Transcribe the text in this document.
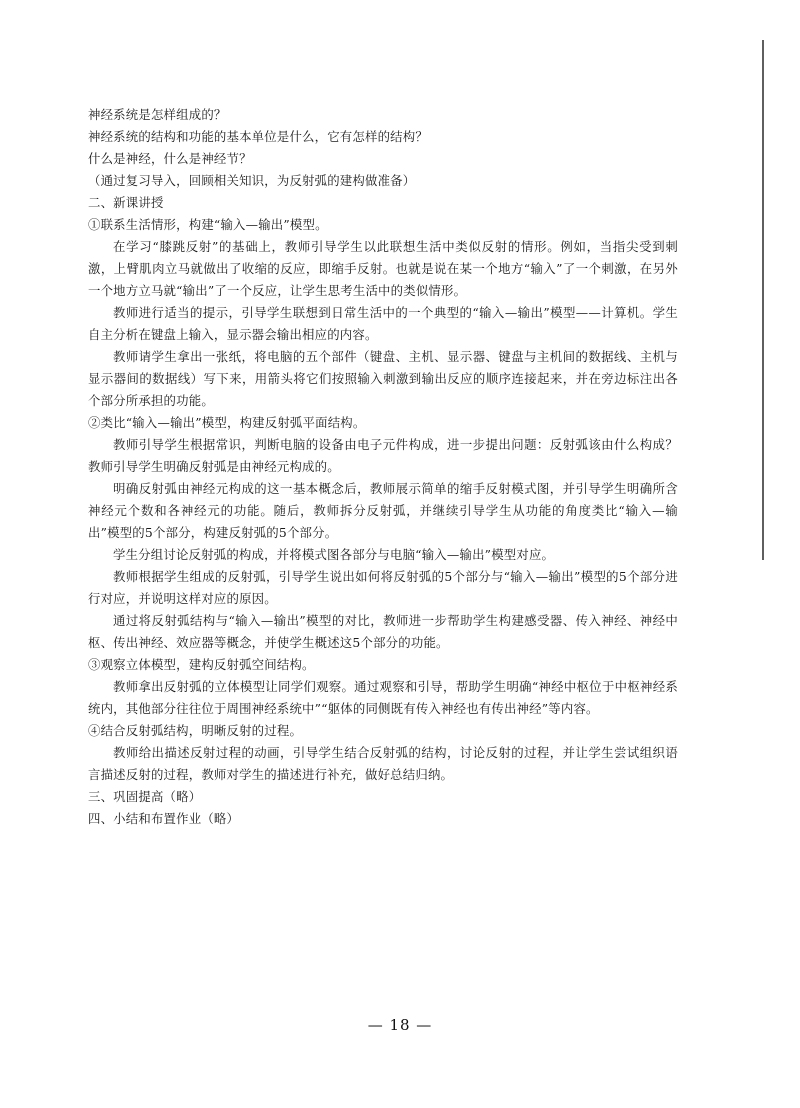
神经系统是怎样组成的？

神经系统的结构和功能的基本单位是什么，它有怎样的结构？

什么是神经，什么是神经节？

（通过复习导入，回顾相关知识，为反射弧的建构做准备）

二、新课讲授

①联系生活情形，构建“输入—输出”模型。

在学习“膝跳反射”的基础上，教师引导学生以此联想生活中类似反射的情形。例如，当指尖受到刺激，上臂肌肉立马就做出了收缩的反应，即缩手反射。也就是说在某一个地方“输入”了一个刺激，在另外一个地方立马就“输出”了一个反应，让学生思考生活中的类似情形。

教师进行适当的提示，引导学生联想到日常生活中的一个典型的“输入—输出”模型——计算机。学生自主分析在键盘上输入，显示器会输出相应的内容。

教师请学生拿出一张纸，将电脑的五个部件（键盘、主机、显示器、键盘与主机间的数据线、主机与显示器间的数据线）写下来，用箭头将它们按照输入刺激到输出反应的顺序连接起来，并在旁边标注出各个部分所承担的功能。

②类比“输入—输出”模型，构建反射弧平面结构。

教师引导学生根据常识，判断电脑的设备由电子元件构成，进一步提出问题：反射弧该由什么构成？教师引导学生明确反射弧是由神经元构成的。

明确反射弧由神经元构成的这一基本概念后，教师展示简单的缩手反射模式图，并引导学生明确所含神经元个数和各神经元的功能。随后，教师拆分反射弧，并继续引导学生从功能的角度类比“输入—输出”模型的5个部分，构建反射弧的5个部分。

学生分组讨论反射弧的构成，并将模式图各部分与电脑“输入—输出”模型对应。

教师根据学生组成的反射弧，引导学生说出如何将反射弧的5个部分与“输入—输出”模型的5个部分进行对应，并说明这样对应的原因。

通过将反射弧结构与“输入—输出”模型的对比，教师进一步帮助学生构建感受器、传入神经、神经中枢、传出神经、效应器等概念，并使学生概述这5个部分的功能。

③观察立体模型，建构反射弧空间结构。

教师拿出反射弧的立体模型让同学们观察。通过观察和引导，帮助学生明确“神经中枢位于中枢神经系统内，其他部分往往位于周围神经系统中”“躯体的同侧既有传入神经也有传出神经”等内容。

④结合反射弧结构，明晰反射的过程。

教师给出描述反射过程的动画，引导学生结合反射弧的结构，讨论反射的过程，并让学生尝试组织语言描述反射的过程，教师对学生的描述进行补充，做好总结归纳。

三、巩固提高（略）

四、小结和布置作业（略）

— 18 —
